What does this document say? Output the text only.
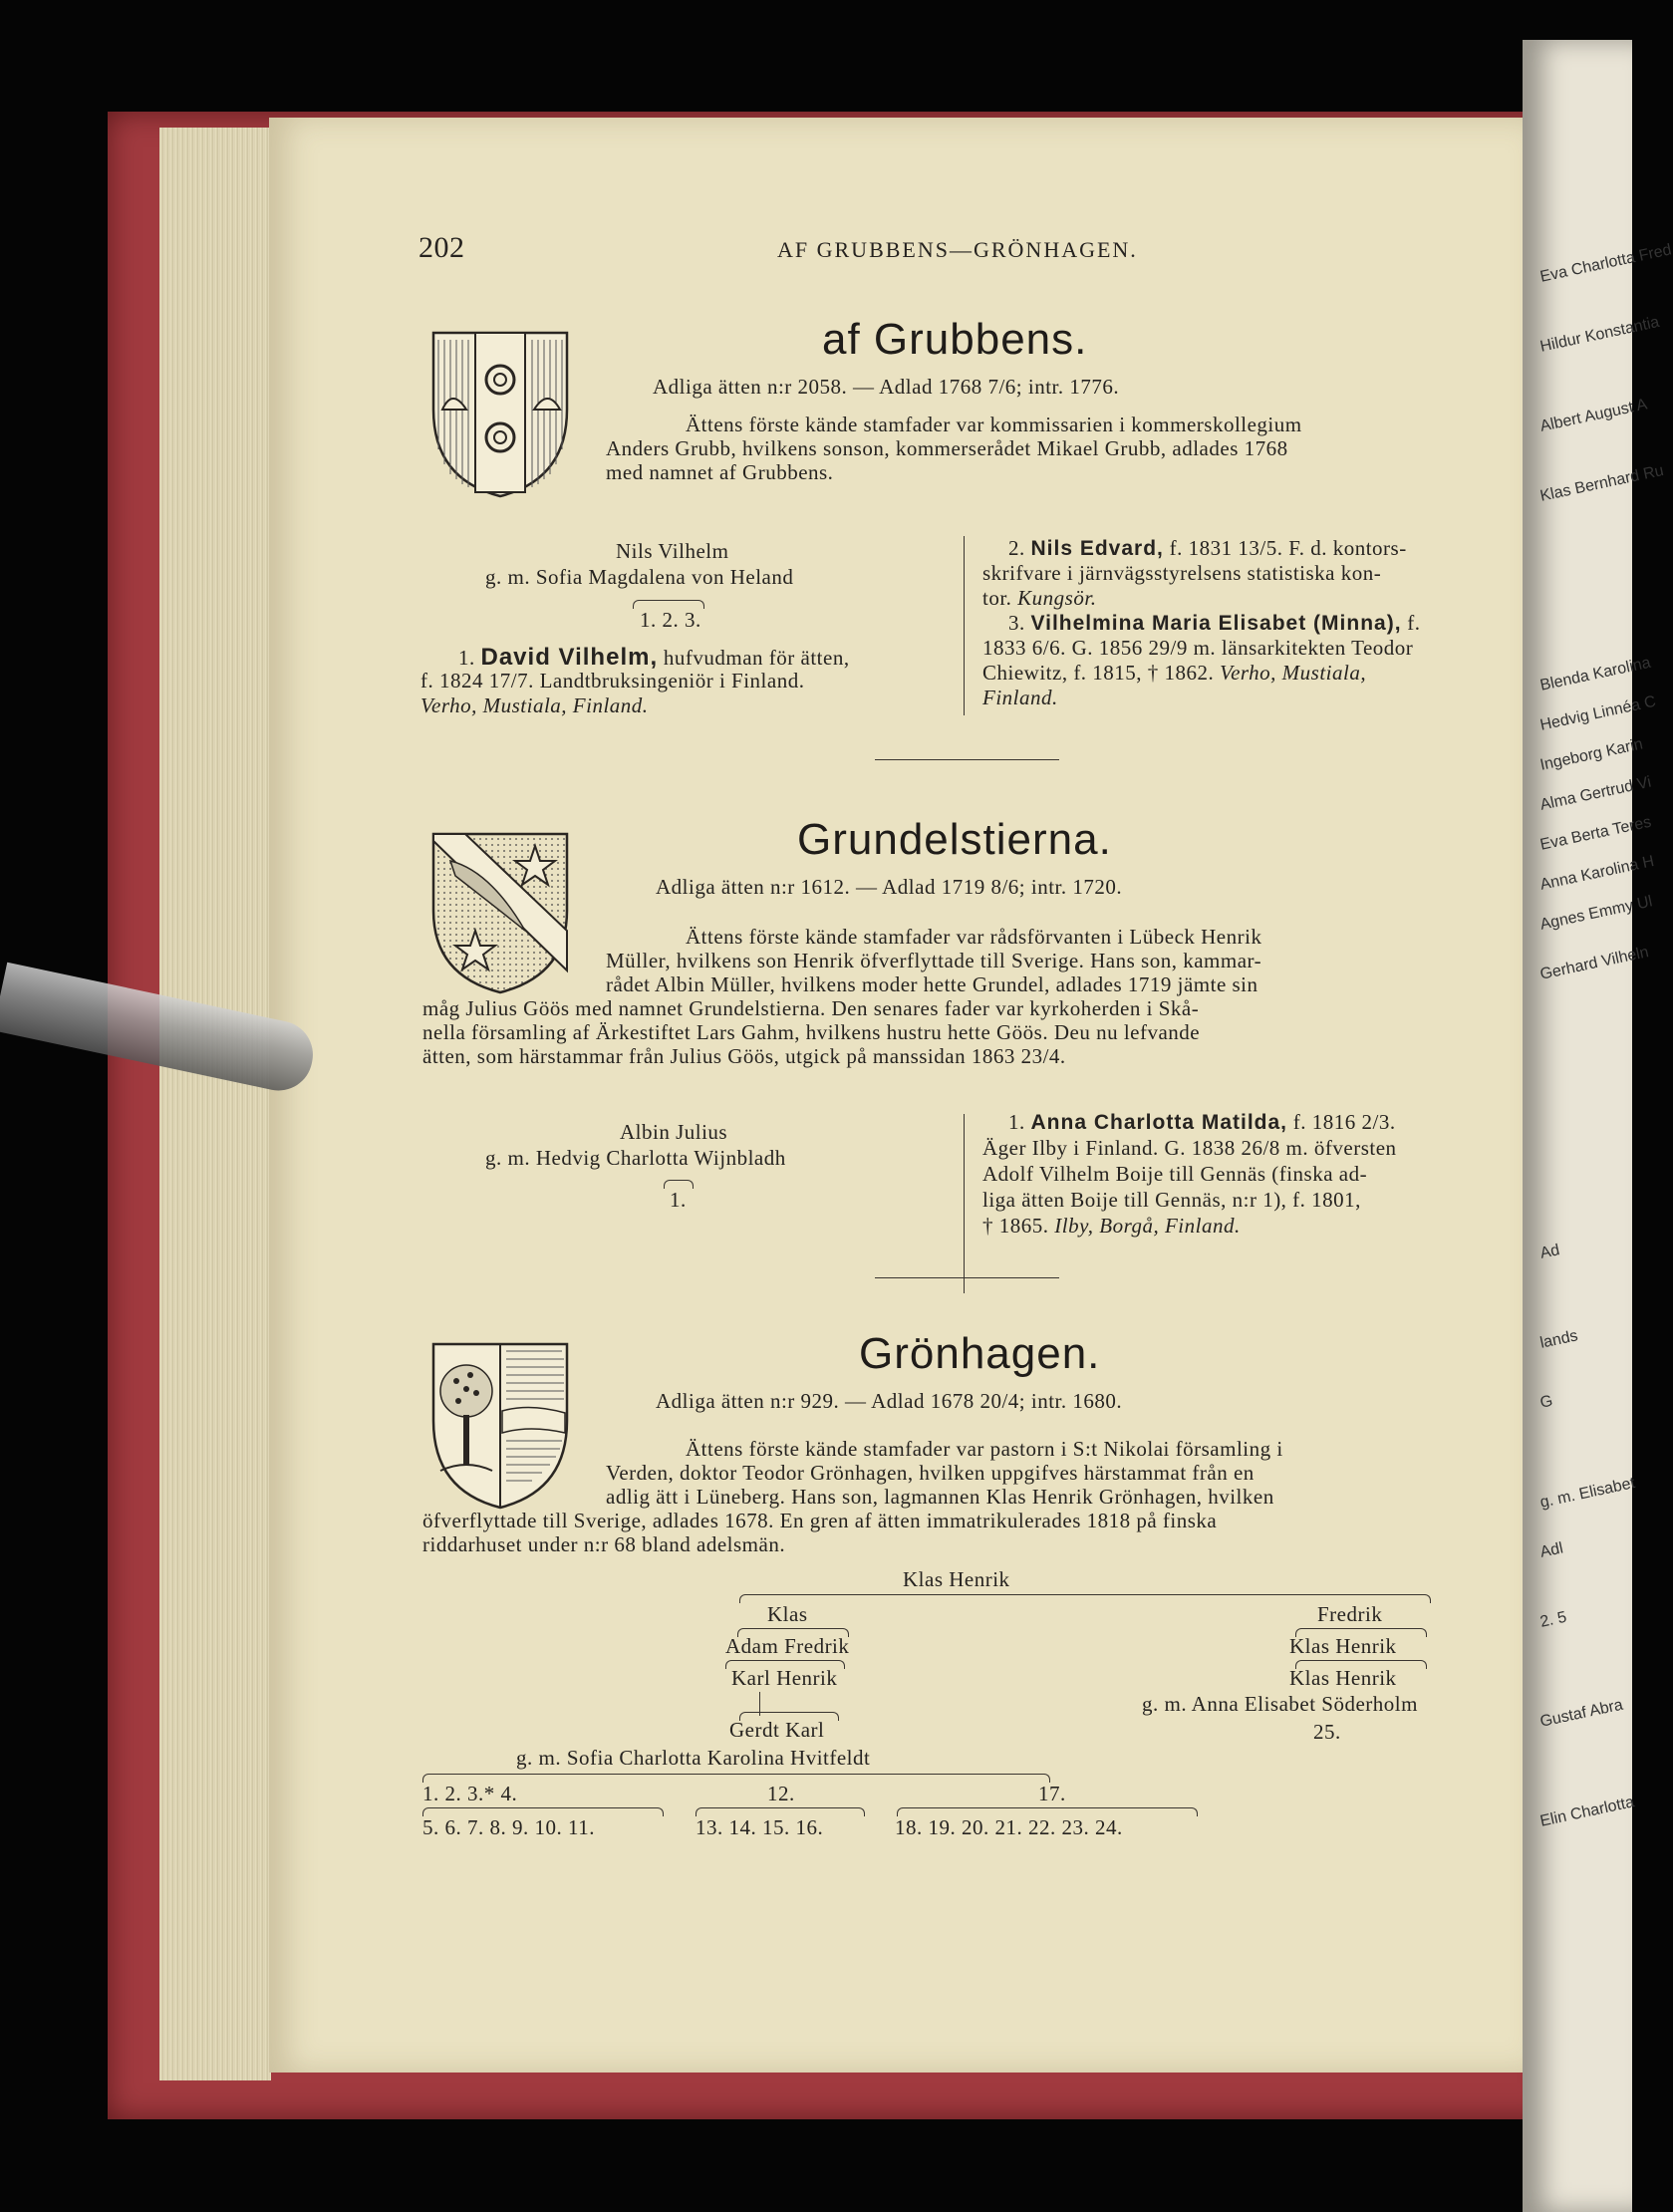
Eva Charlotta Fred
Hildur Konstantia
Albert August A
Klas Bernhard Ru
Blenda Karolina
Hedvig Linnéa C
Ingeborg Karin
Alma Gertrud Vi
Eva Berta Teres
Anna Karolina H
Agnes Emmy Ul
Gerhard Vilheln
Ad
lands
G
g. m. Elisabet
Adl
2. 5
Gustaf Abra
Elin Charlotta
202	AF GRUBBENS—GRÖNHAGEN.
af Grubbens.
Adliga ätten n:r 2058. — Adlad 1768 7/6; intr. 1776.
Ättens förste kände stamfader var kommissarien i kommerskollegium
Anders Grubb, hvilkens sonson, kommerserådet Mikael Grubb, adlades 1768
med namnet af Grubbens.
Nils Vilhelm
g. m. Sofia Magdalena von Heland
1. 2. 3.
1. David Vilhelm, hufvudman för ätten,
f. 1824 17/7. Landtbruksingeniör i Finland.
Verho, Mustiala, Finland.
2. Nils Edvard, f. 1831 13/5. F. d. kontors-
skrifvare i järnvägsstyrelsens statistiska kon-
tor. Kungsör.
3. Vilhelmina Maria Elisabet (Minna), f.
1833 6/6. G. 1856 29/9 m. länsarkitekten Teodor
Chiewitz, f. 1815, † 1862. Verho, Mustiala,
Finland.
Grundelstierna.
Adliga ätten n:r 1612. — Adlad 1719 8/6; intr. 1720.
Ättens förste kände stamfader var rådsförvanten i Lübeck Henrik
Müller, hvilkens son Henrik öfverflyttade till Sverige. Hans son, kammar-
rådet Albin Müller, hvilkens moder hette Grundel, adlades 1719 jämte sin
måg Julius Göös med namnet Grundelstierna. Den senares fader var kyrkoherden i Skå-
nella församling af Ärkestiftet Lars Gahm, hvilkens hustru hette Göös. Deu nu lefvande
ätten, som härstammar från Julius Göös, utgick på manssidan 1863 23/4.
Albin Julius
g. m. Hedvig Charlotta Wijnbladh
1.
1. Anna Charlotta Matilda, f. 1816 2/3.
Äger Ilby i Finland. G. 1838 26/8 m. öfversten
Adolf Vilhelm Boije till Gennäs (finska ad-
liga ätten Boije till Gennäs, n:r 1), f. 1801,
† 1865. Ilby, Borgå, Finland.
Grönhagen.
Adliga ätten n:r 929. — Adlad 1678 20/4; intr. 1680.
Ättens förste kände stamfader var pastorn i S:t Nikolai församling i
Verden, doktor Teodor Grönhagen, hvilken uppgifves härstammat från en
adlig ätt i Lüneberg. Hans son, lagmannen Klas Henrik Grönhagen, hvilken
öfverflyttade till Sverige, adlades 1678. En gren af ätten immatrikulerades 1818 på finska
riddarhuset under n:r 68 bland adelsmän.
Klas Henrik
Klas	Fredrik
Adam Fredrik	Klas Henrik
Karl Henrik	Klas Henrik
g. m. Anna Elisabet Söderholm
25.
Gerdt Karl
g. m. Sofia Charlotta Karolina Hvitfeldt
1. 2. 3.* 4.	12.	17.
5. 6. 7. 8. 9. 10. 11.	13. 14. 15. 16.	18. 19. 20. 21. 22. 23. 24.
